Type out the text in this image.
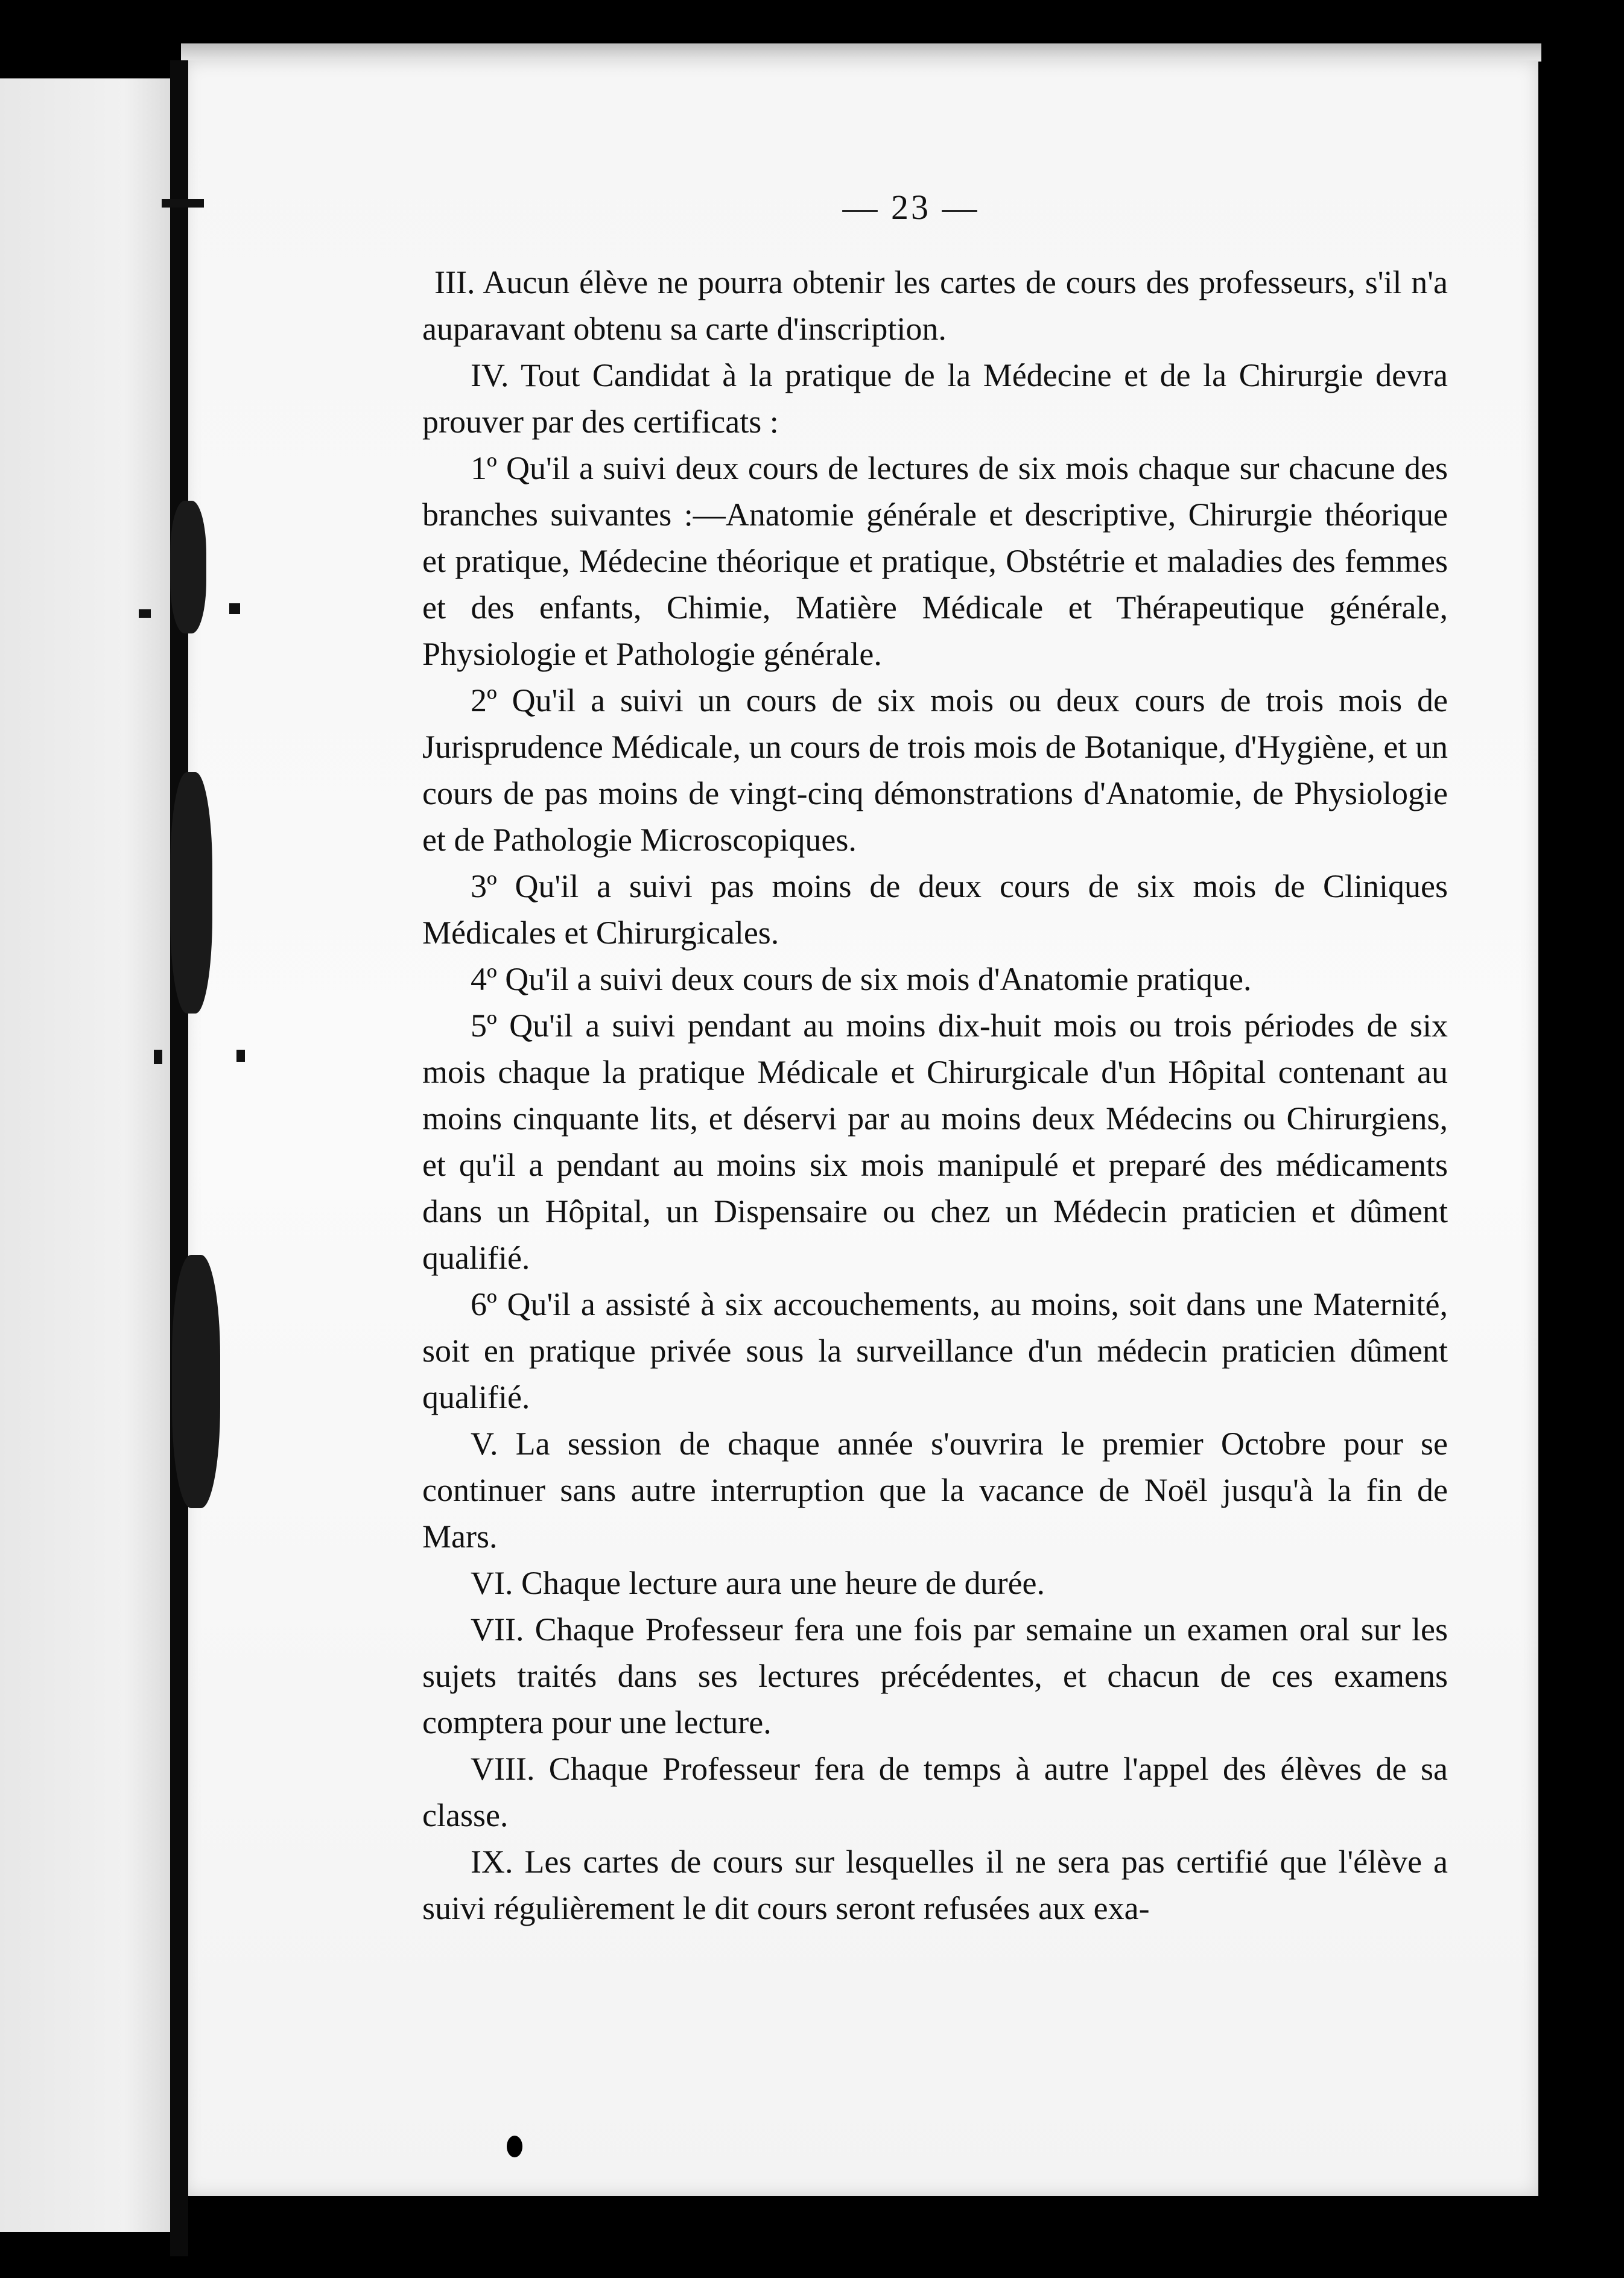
— 23 —

III. Aucun élève ne pourra obtenir les cartes de cours des professeurs, s'il n'a auparavant obtenu sa carte d'inscription.

IV. Tout Candidat à la pratique de la Médecine et de la Chirurgie devra prouver par des certificats :

1º Qu'il a suivi deux cours de lectures de six mois chaque sur chacune des branches suivantes :—Anatomie générale et descriptive, Chirurgie théorique et pratique, Médecine théorique et pratique, Obstétrie et maladies des femmes et des enfants, Chimie, Matière Médicale et Thérapeutique générale, Physiologie et Pathologie générale.

2º Qu'il a suivi un cours de six mois ou deux cours de trois mois de Jurisprudence Médicale, un cours de trois mois de Botanique, d'Hygiène, et un cours de pas moins de vingt-cinq démonstrations d'Anatomie, de Physiologie et de Pathologie Microscopiques.

3º Qu'il a suivi pas moins de deux cours de six mois de Cliniques Médicales et Chirurgicales.

4º Qu'il a suivi deux cours de six mois d'Anatomie pratique.

5º Qu'il a suivi pendant au moins dix-huit mois ou trois périodes de six mois chaque la pratique Médicale et Chirurgicale d'un Hôpital contenant au moins cinquante lits, et déservi par au moins deux Médecins ou Chirurgiens, et qu'il a pendant au moins six mois manipulé et preparé des médicaments dans un Hôpital, un Dispensaire ou chez un Médecin praticien et dûment qualifié.

6º Qu'il a assisté à six accouchements, au moins, soit dans une Maternité, soit en pratique privée sous la surveillance d'un médecin praticien dûment qualifié.

V. La session de chaque année s'ouvrira le premier Octobre pour se continuer sans autre interruption que la vacance de Noël jusqu'à la fin de Mars.

VI. Chaque lecture aura une heure de durée.

VII. Chaque Professeur fera une fois par semaine un examen oral sur les sujets traités dans ses lectures précédentes, et chacun de ces examens comptera pour une lecture.

VIII. Chaque Professeur fera de temps à autre l'appel des élèves de sa classe.

IX. Les cartes de cours sur lesquelles il ne sera pas certifié que l'élève a suivi régulièrement le dit cours seront refusées aux exa-
